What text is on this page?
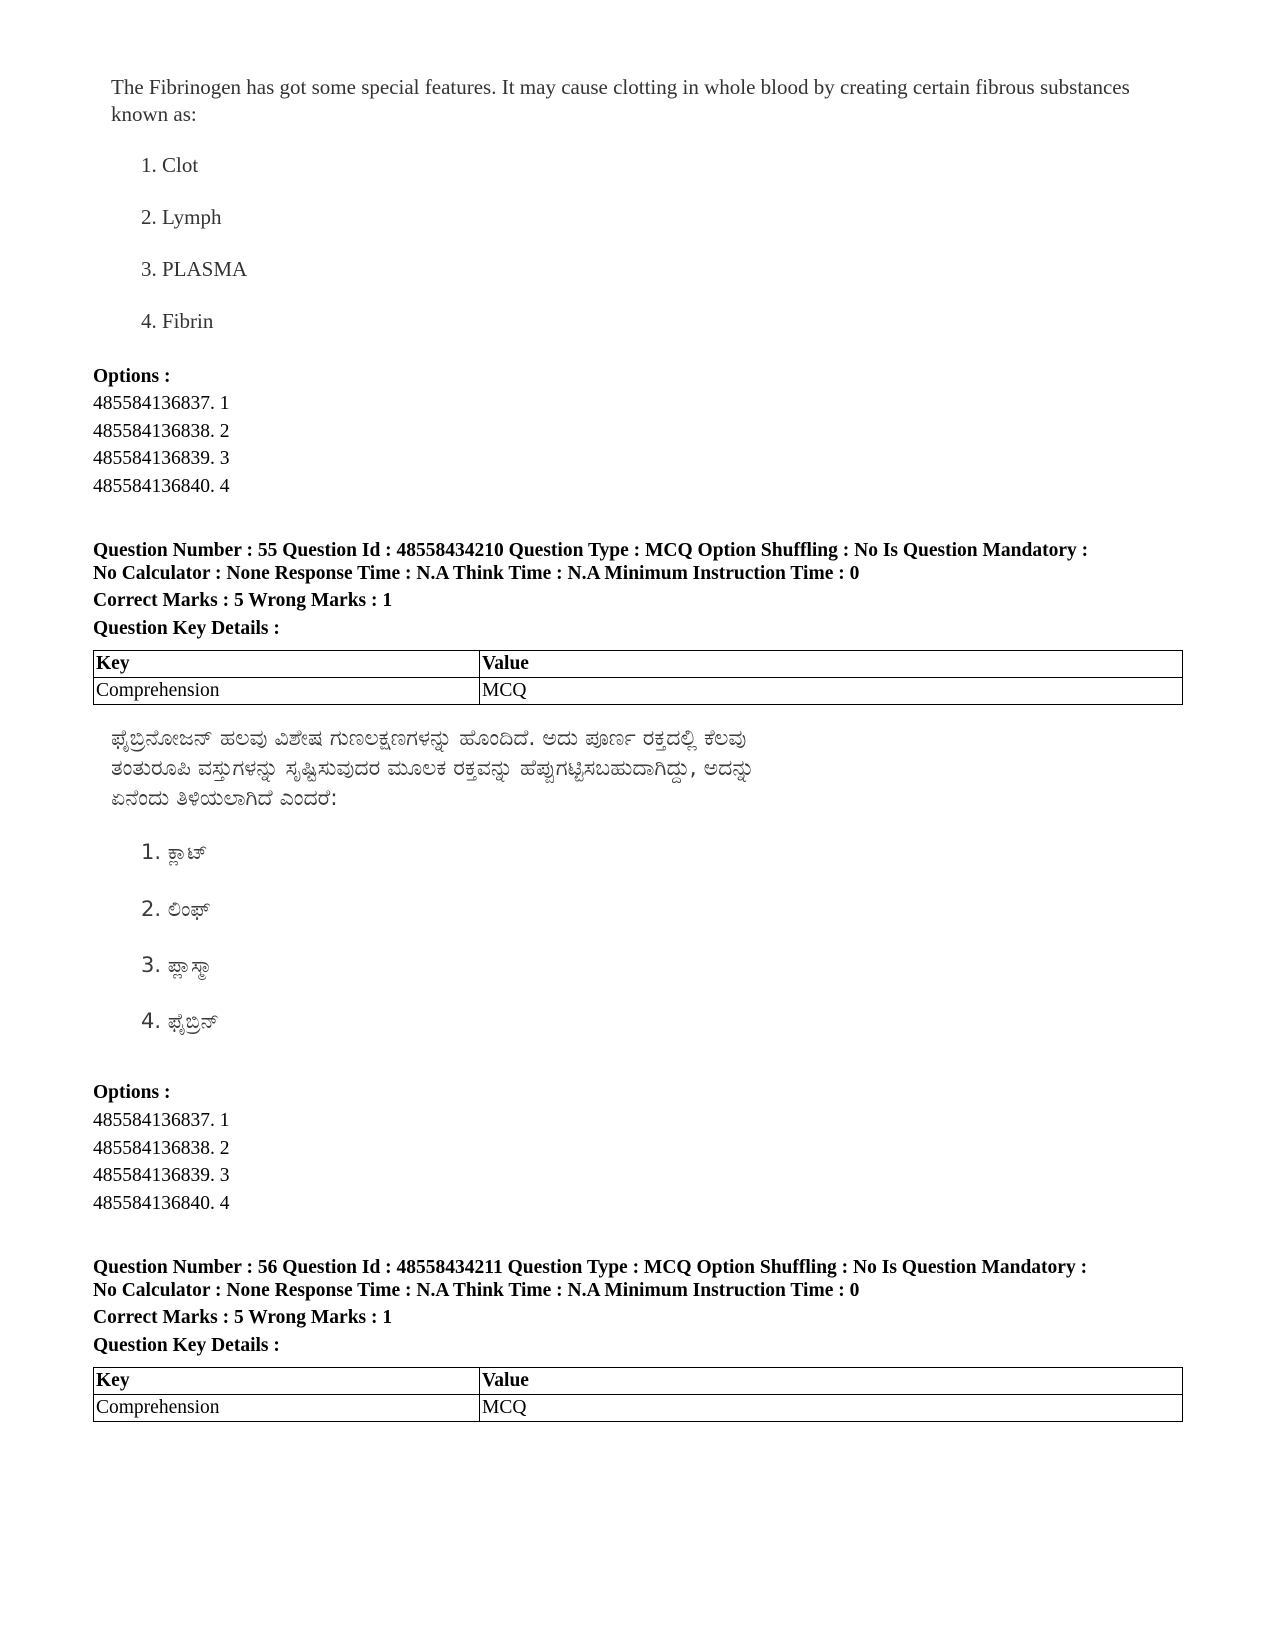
The Fibrinogen has got some special features. It may cause clotting in whole blood by creating certain fibrous substances known as:
1. Clot
2. Lymph
3. PLASMA
4. Fibrin
Options :
485584136837. 1
485584136838. 2
485584136839. 3
485584136840. 4
Question Number : 55 Question Id : 48558434210 Question Type : MCQ Option Shuffling : No Is Question Mandatory :
No Calculator : None Response Time : N.A Think Time : N.A Minimum Instruction Time : 0
Correct Marks : 5 Wrong Marks : 1
Question Key Details :
Key	Value
Comprehension	MCQ
ಫೈಬ್ರಿನೋಜನ್ ಹಲವು ವಿಶೇಷ ಗುಣಲಕ್ಷಣಗಳನ್ನು ಹೊಂದಿದೆ. ಅದು ಪೂರ್ಣ ರಕ್ತದಲ್ಲಿ ಕೆಲವು
ತಂತುರೂಪಿ ವಸ್ತುಗಳನ್ನು ಸೃಷ್ಟಿಸುವುದರ ಮೂಲಕ ರಕ್ತವನ್ನು ಹೆಪ್ಪುಗಟ್ಟಿಸಬಹುದಾಗಿದ್ದು, ಅದನ್ನು
ಏನೆಂದು ತಿಳಿಯಲಾಗಿದೆ ಎಂದರೆ:
1. ಕ್ಲಾಟ್
2. ಲಿಂಫ್
3. ಪ್ಲಾಸ್ಮಾ
4. ಫೈಬ್ರಿನ್
Options :
485584136837. 1
485584136838. 2
485584136839. 3
485584136840. 4
Question Number : 56 Question Id : 48558434211 Question Type : MCQ Option Shuffling : No Is Question Mandatory :
No Calculator : None Response Time : N.A Think Time : N.A Minimum Instruction Time : 0
Correct Marks : 5 Wrong Marks : 1
Question Key Details :
Key	Value
Comprehension	MCQ
